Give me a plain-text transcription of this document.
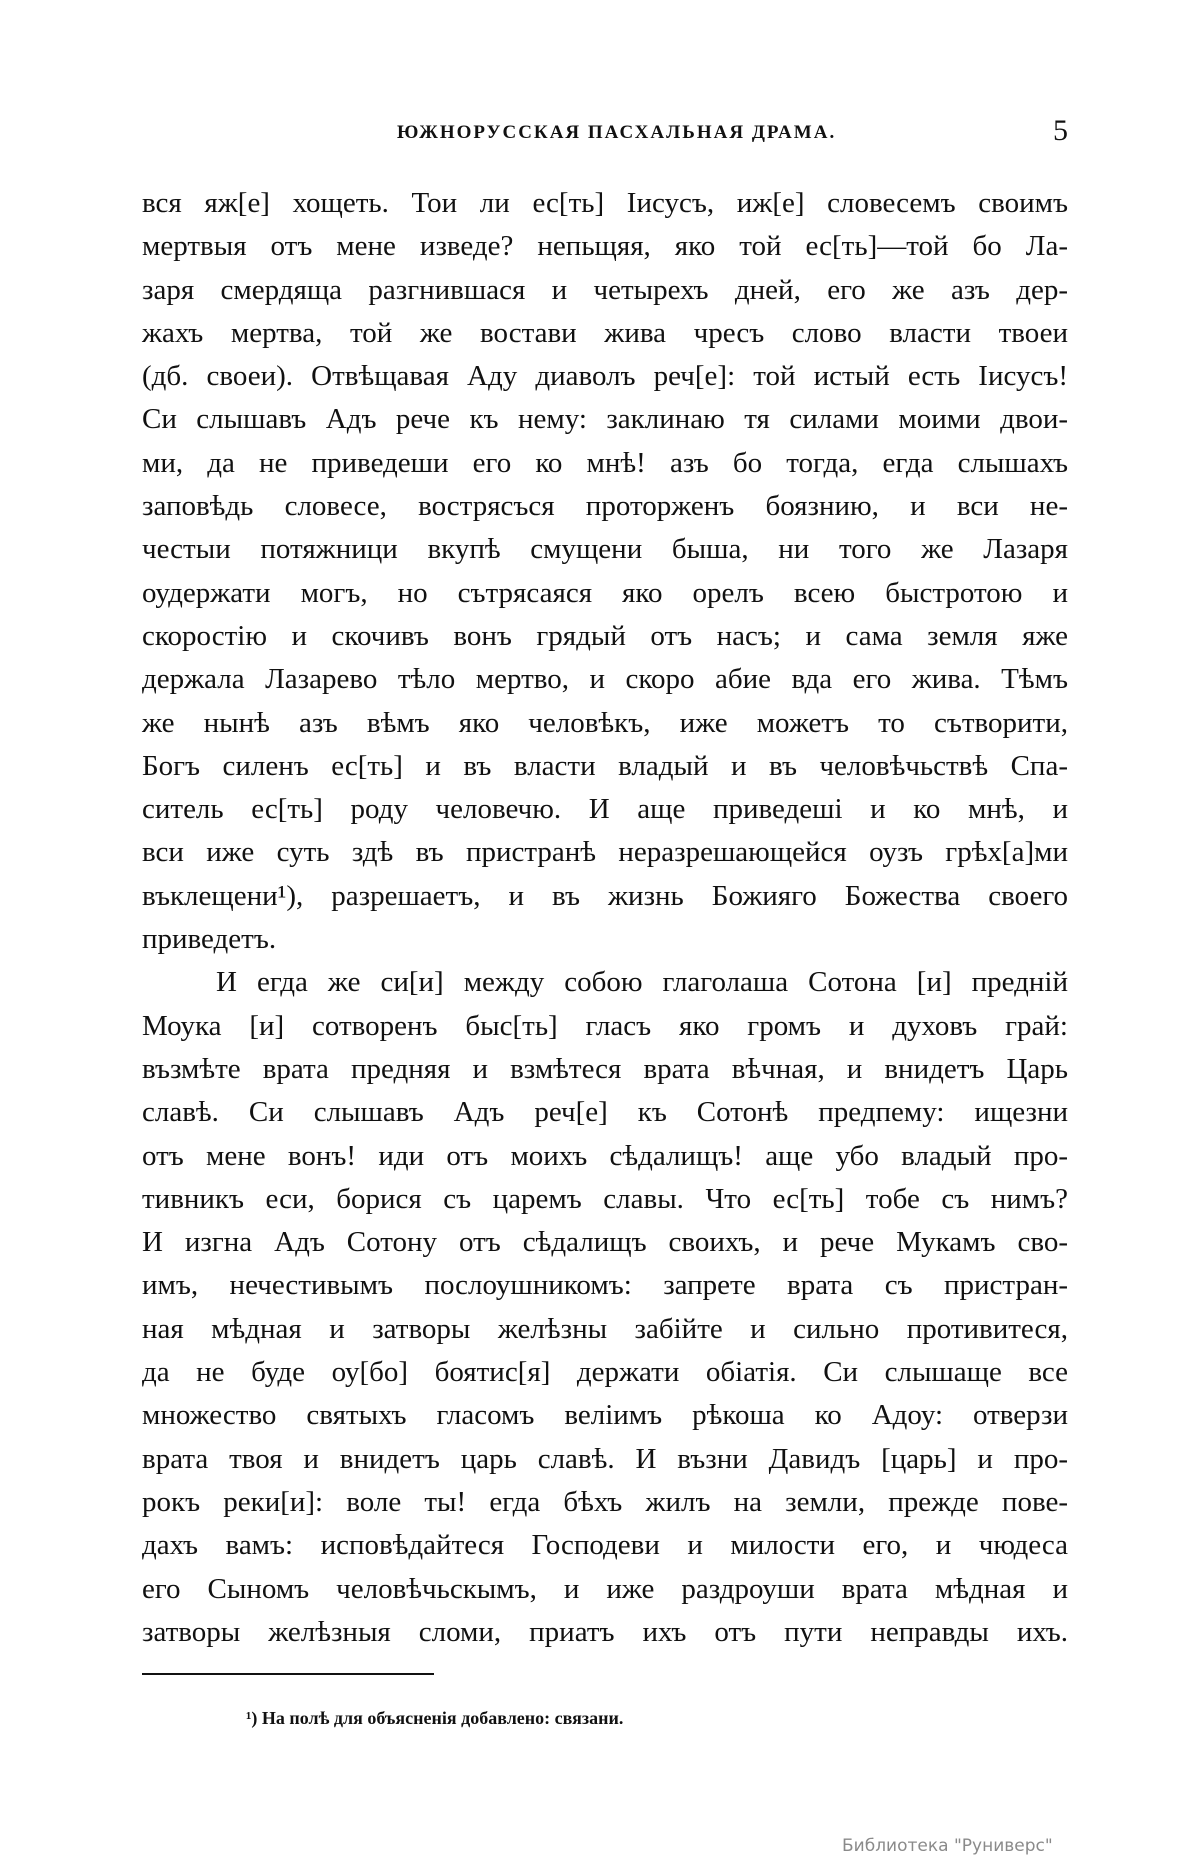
ЮЖНОРУССКАЯ ПАСХАЛЬНАЯ ДРАМА.	5
вся яж[е] хощеть. Тои ли ес[ть] Іисусъ, иж[е] словесемъ своимъ
мертвыя отъ мене изведе? непьщяя, яко той ес[ть]—той бо Ла-
заря смердяща разгнившася и четырехъ дней, его же азъ дер-
жахъ мертва, той же востави жива чресъ слово власти твоеи
(дб. своеи). Отвѣщавая Аду диаволъ реч[е]: той истый есть Іисусъ!
Си слышавъ Адъ рече къ нему: заклинаю тя силами моими двои-
ми, да не приведеши его ко мнѣ! азъ бо тогда, егда слышахъ
заповѣдь словесе, вострясъся проторженъ боязнию, и вси не-
честыи потяжници вкупѣ смущени быша, ни того же Лазаря
оудержати могъ, но сътрясаяся яко орелъ всею быстротою и
скоростію и скочивъ вонъ грядый отъ насъ; и сама земля яже
держала Лазарево тѣло мертво, и скоро абие вда его жива. Тѣмъ
же нынѣ азъ вѣмъ яко человѣкъ, иже можетъ то сътворити,
Богъ силенъ ес[ть] и въ власти владый и въ человѣчьствѣ Спа-
ситель ес[ть] роду человечю. И аще приведеші и ко мнѣ, и
вси иже суть здѣ въ пристранѣ неразрешающейся оузъ грѣх[а]ми
въклещени¹), разрешаетъ, и въ жизнь Божияго Божества своего
приведетъ.
И егда же си[и] между собою глаголаша Сотона [и] предній
Моука [и] сотворенъ быс[ть] гласъ яко громъ и духовъ грай:
възмѣте врата предняя и взмѣтеся врата вѣчная, и внидетъ Царь
славѣ. Си слышавъ Адъ реч[е] къ Сотонѣ предпему: ищезни
отъ мене вонъ! иди отъ моихъ сѣдалищъ! аще убо владый про-
тивникъ еси, борися съ царемъ славы. Что ес[ть] тобе съ нимъ?
И изгна Адъ Сотону отъ сѣдалищъ своихъ, и рече Мукамъ сво-
имъ, нечестивымъ послоушникомъ: запрете врата съ пристран-
ная мѣдная и затворы желѣзны забійте и сильно противитеся,
да не буде оу[бо] боятис[я] держати обіатія. Си слышаще все
множество святыхъ гласомъ веліимъ рѣкоша ко Адоу: отверзи
врата твоя и внидетъ царь славѣ. И възни Давидъ [царь] и про-
рокъ реки[и]: воле ты! егда бѣхъ жилъ на земли, прежде пове-
дахъ вамъ: исповѣдайтеся Господеви и милости его, и чюдеса
его Сыномъ человѣчьскымъ, и иже раздроуши врата мѣдная и
затворы желѣзныя сломи, приатъ ихъ отъ пути неправды ихъ.
¹) На полѣ для объясненія добавлено: связани.
Библиотека "Руниверс"
